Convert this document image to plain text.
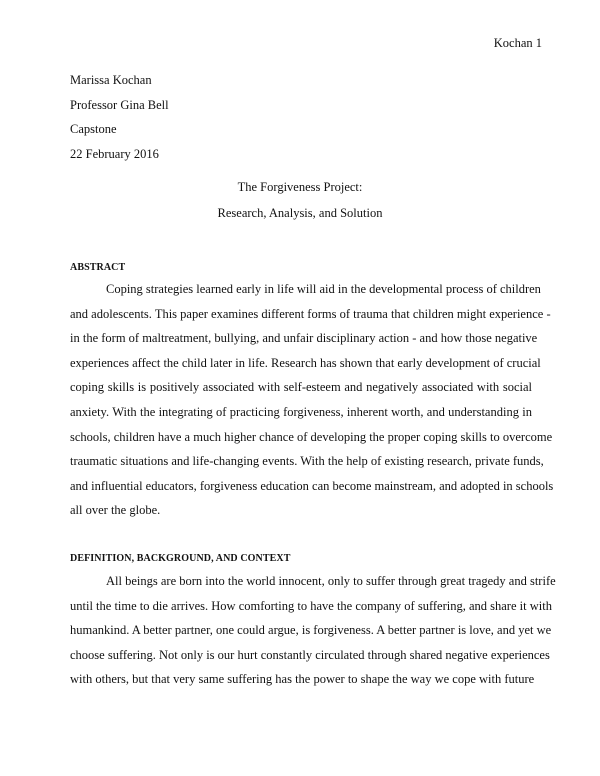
Kochan 1
Marissa Kochan
Professor Gina Bell
Capstone
22 February 2016
The Forgiveness Project:
Research, Analysis, and Solution
ABSTRACT
Coping strategies learned early in life will aid in the developmental process of children
and adolescents. This paper examines different forms of trauma that children might experience -
in the form of maltreatment, bullying, and unfair disciplinary action - and how those negative
experiences affect the child later in life. Research has shown that early development of crucial
coping skills is positively associated with self-esteem and negatively associated with social
anxiety. With the integrating of practicing forgiveness, inherent worth, and understanding in
schools, children have a much higher chance of developing the proper coping skills to overcome
traumatic situations and life-changing events. With the help of existing research, private funds,
and influential educators, forgiveness education can become mainstream, and adopted in schools
all over the globe.
DEFINITION, BACKGROUND, AND CONTEXT
All beings are born into the world innocent, only to suffer through great tragedy and strife
until the time to die arrives. How comforting to have the company of suffering, and share it with
humankind. A better partner, one could argue, is forgiveness. A better partner is love, and yet we
choose suffering. Not only is our hurt constantly circulated through shared negative experiences
with others, but that very same suffering has the power to shape the way we cope with future
